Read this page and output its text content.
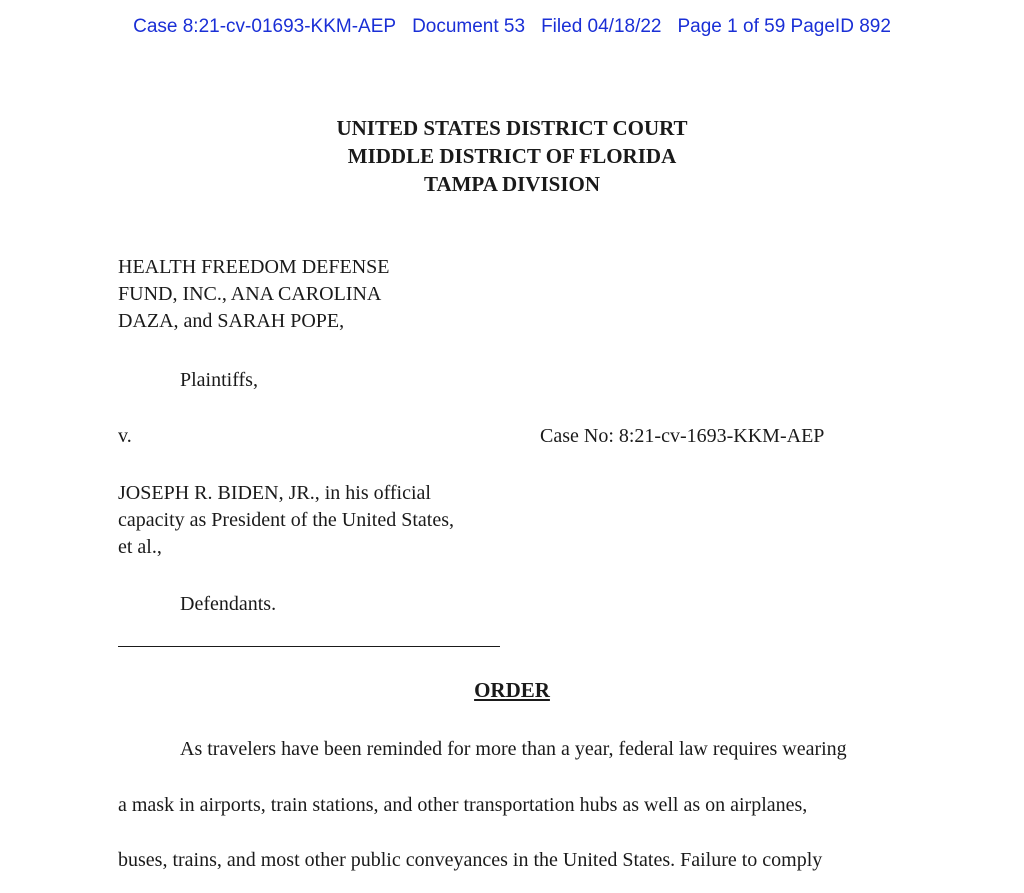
Case 8:21-cv-01693-KKM-AEP Document 53 Filed 04/18/22 Page 1 of 59 PageID 892
UNITED STATES DISTRICT COURT
MIDDLE DISTRICT OF FLORIDA
TAMPA DIVISION
HEALTH FREEDOM DEFENSE
FUND, INC., ANA CAROLINA
DAZA, and SARAH POPE,
Plaintiffs,
v.	Case No: 8:21-cv-1693-KKM-AEP
JOSEPH R. BIDEN, JR., in his official
capacity as President of the United States,
et al.,
Defendants.
ORDER
As travelers have been reminded for more than a year, federal law requires wearing
a mask in airports, train stations, and other transportation hubs as well as on airplanes,
buses, trains, and most other public conveyances in the United States. Failure to comply
